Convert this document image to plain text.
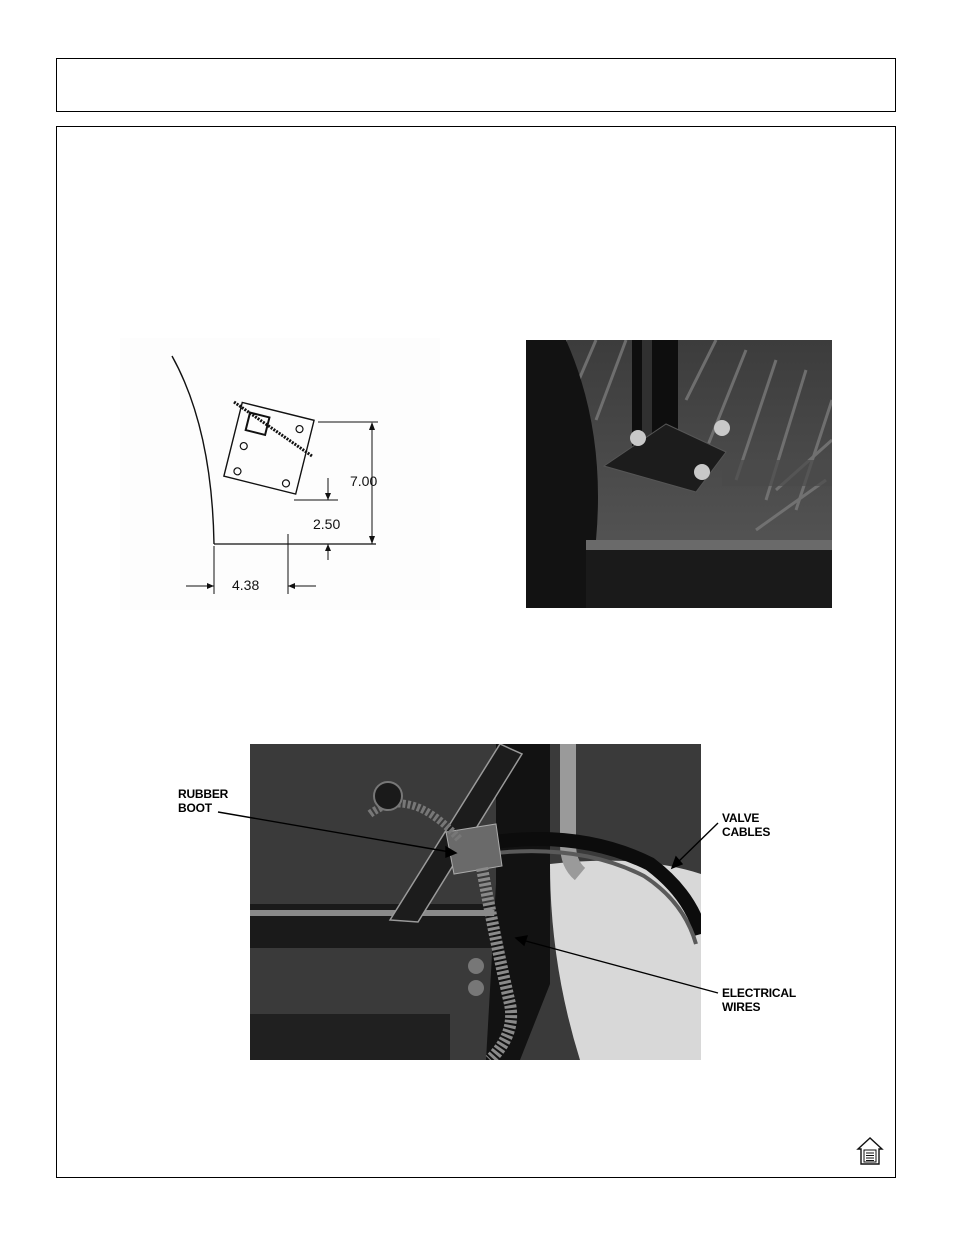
7.00
2.50
4.38
RUBBER
BOOT
VALVE
CABLES
ELECTRICAL
WIRES
